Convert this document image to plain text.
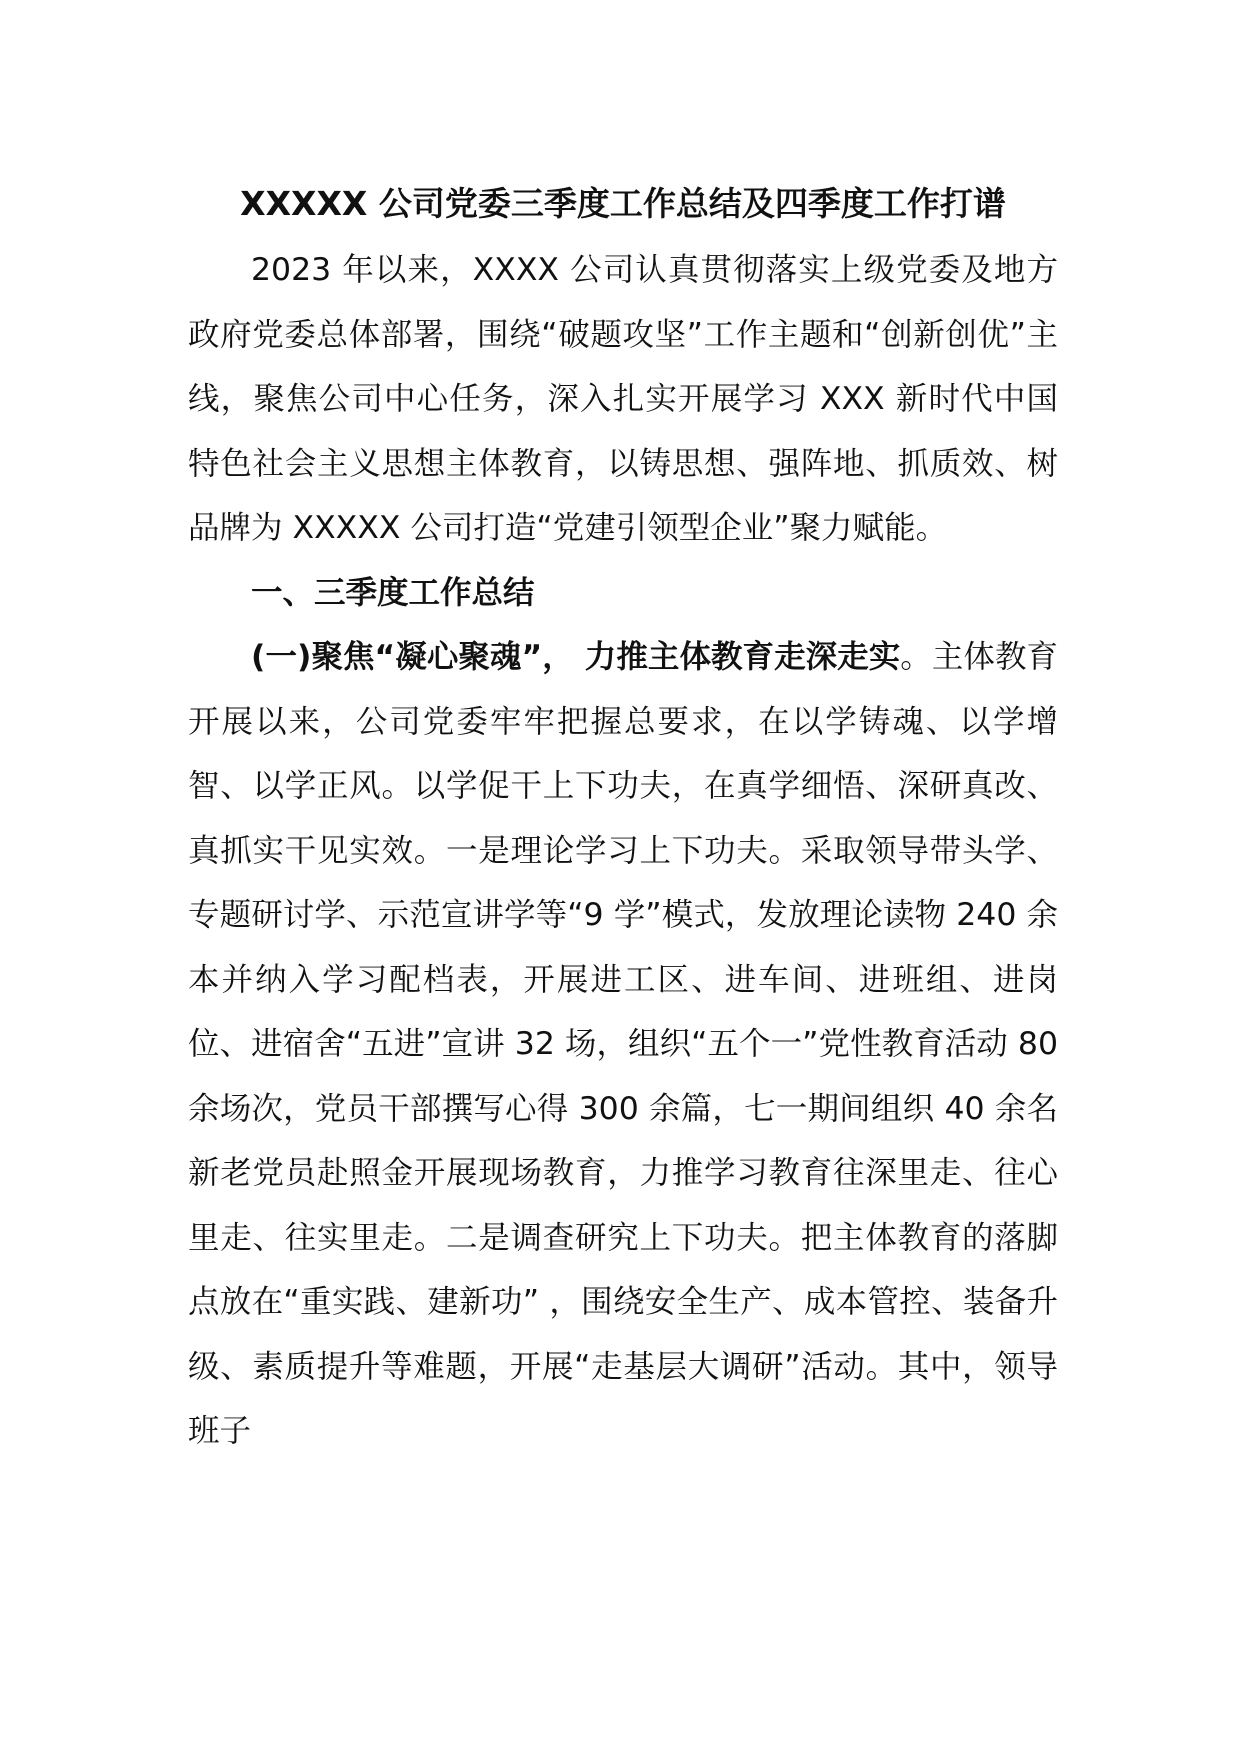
XXXXX 公司党委三季度工作总结及四季度工作打谱

2023 年以来，XXXX 公司认真贯彻落实上级党委及地方政府党委总体部署，围绕“破题攻坚”工作主题和“创新创优”主线，聚焦公司中心任务，深入扎实开展学习 XXX 新时代中国特色社会主义思想主体教育，以铸思想、强阵地、抓质效、树品牌为 XXXXX 公司打造“党建引领型企业”聚力赋能。

一、三季度工作总结

(一)聚焦“凝心聚魂”， 力推主体教育走深走实。主体教育开展以来，公司党委牢牢把握总要求，在以学铸魂、以学增智、以学正风。以学促干上下功夫，在真学细悟、深研真改、真抓实干见实效。一是理论学习上下功夫。采取领导带头学、专题研讨学、示范宣讲学等“9 学”模式，发放理论读物 240 余本并纳入学习配档表，开展进工区、进车间、进班组、进岗位、进宿舍“五进”宣讲 32 场，组织“五个一”党性教育活动 80 余场次，党员干部撰写心得 300 余篇，七一期间组织 40 余名新老党员赴照金开展现场教育，力推学习教育往深里走、往心里走、往实里走。二是调查研究上下功夫。把主体教育的落脚点放在“重实践、建新功” ，围绕安全生产、成本管控、装备升级、素质提升等难题，开展“走基层大调研”活动。其中，领导班子
